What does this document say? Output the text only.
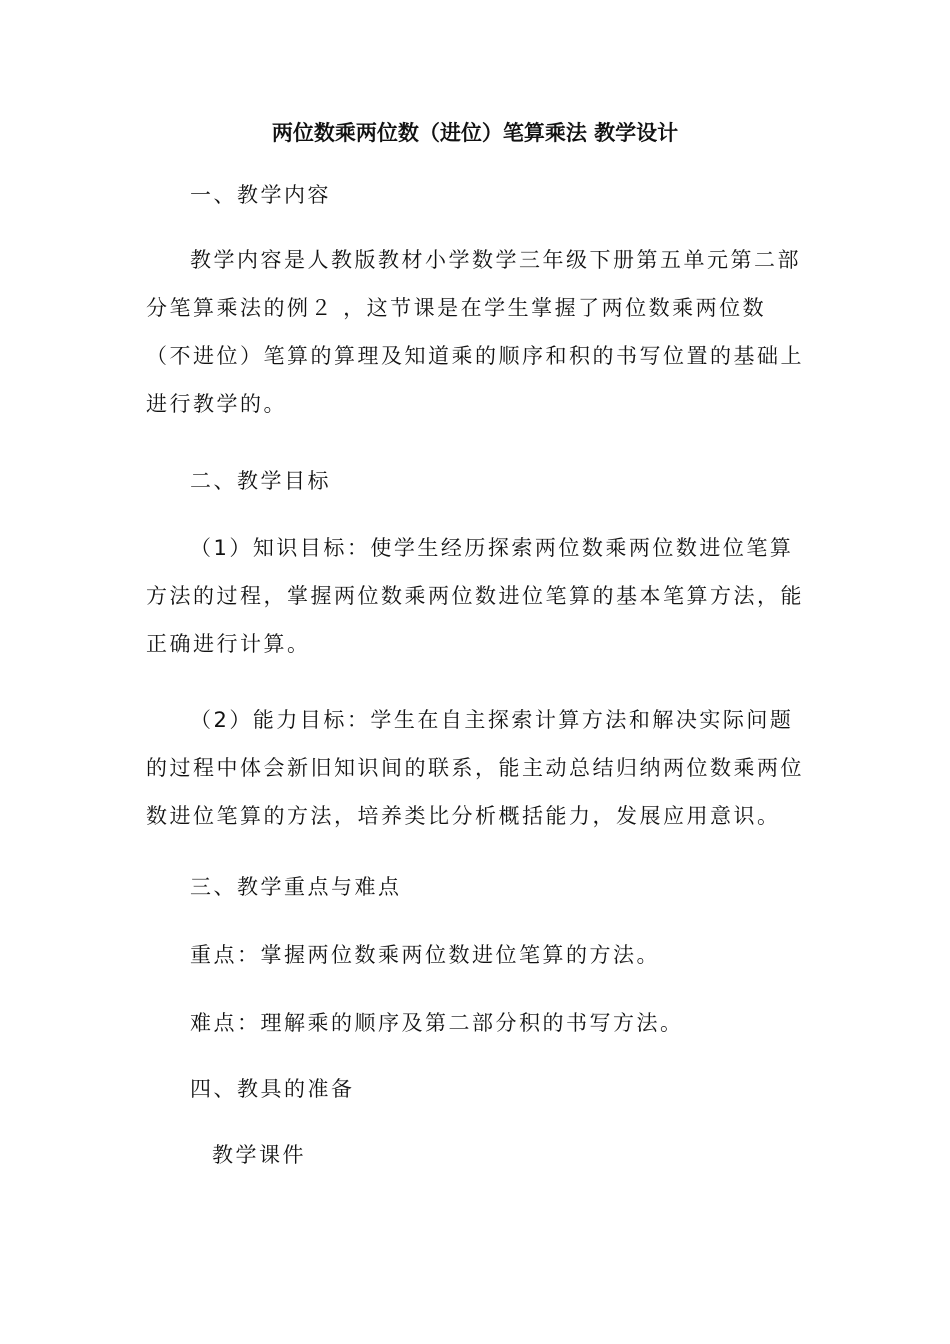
两位数乘两位数（进位）笔算乘法 教学设计
一、教学内容

教学内容是人教版教材小学数学三年级下册第五单元第二部分笔算乘法的例２ ，这节课是在学生掌握了两位数乘两位数（不进位）笔算的算理及知道乘的顺序和积的书写位置的基础上进行教学的。

二、教学目标

（1）知识目标：使学生经历探索两位数乘两位数进位笔算方法的过程，掌握两位数乘两位数进位笔算的基本笔算方法，能正确进行计算。

（2）能力目标：学生在自主探索计算方法和解决实际问题的过程中体会新旧知识间的联系，能主动总结归纳两位数乘两位数进位笔算的方法，培养类比分析概括能力，发展应用意识。

三、教学重点与难点
重点：掌握两位数乘两位数进位笔算的方法。
难点：理解乘的顺序及第二部分积的书写方法。
四、教具的准备
教学课件
